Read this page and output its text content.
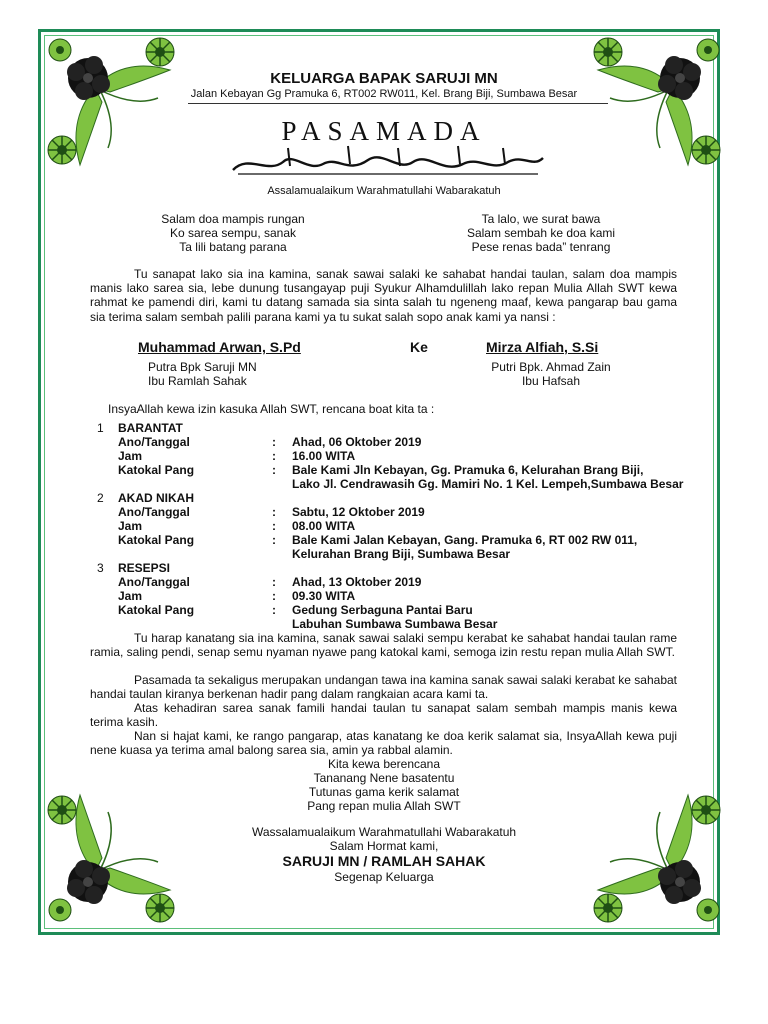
KELUARGA BAPAK SARUJI MN
Jalan Kebayan Gg Pramuka 6, RT002 RW011, Kel. Brang Biji, Sumbawa Besar
PASAMADA
Assalamualaikum Warahmatullahi Wabarakatuh
Salam doa mampis rungan
Ko sarea sempu, sanak
Ta lili batang parana
Ta lalo, we surat bawa
Salam sembah ke doa kami
Pese renas bada” tenrang
Tu sanapat lako sia ina kamina, sanak sawai salaki ke sahabat handai taulan, salam doa mampis manis lako sarea sia, lebe dunung tusangayap puji Syukur Alhamdulillah lako repan Mulia Allah SWT kewa rahmat ke pamendi diri, kami tu datang samada sia sinta salah tu ngeneng maaf, kewa pangarap bau gama sia terima salam sembah palili parana kami ya tu sukat salah sopo anak kami ya nansi :
Muhammad Arwan, S.Pd	Ke	Mirza Alfiah, S.Si
Putra Bpk Saruji MN
Ibu Ramlah Sahak
Putri Bpk. Ahmad Zain
Ibu Hafsah
InsyaAllah kewa izin kasuka Allah SWT, rencana boat kita ta :
1 BARANTAT
Ano/Tanggal	: Ahad, 06 Oktober 2019
Jam	: 16.00 WITA
Katokal Pang	: Bale Kami Jln Kebayan, Gg. Pramuka 6, Kelurahan Brang Biji,
Lako Jl. Cendrawasih Gg. Mamiri No. 1 Kel. Lempeh,Sumbawa Besar
2 AKAD NIKAH
Ano/Tanggal	: Sabtu, 12 Oktober 2019
Jam	: 08.00 WITA
Katokal Pang	: Bale Kami Jalan Kebayan, Gang. Pramuka 6, RT 002 RW 011,
Kelurahan Brang Biji, Sumbawa Besar
3 RESEPSI
Ano/Tanggal	: Ahad, 13 Oktober 2019
Jam	: 09.30 WITA
Katokal Pang	: Gedung Serbaguna Pantai Baru
Labuhan Sumbawa Sumbawa Besar
Tu harap kanatang sia ina kamina, sanak sawai salaki sempu kerabat ke sahabat handai taulan rame ramia, saling pendi, senap semu nyaman nyawe pang katokal kami, semoga izin restu repan mulia Allah SWT.
Pasamada ta sekaligus merupakan undangan tawa ina kamina sanak sawai salaki kerabat ke sahabat handai taulan kiranya berkenan hadir pang dalam rangkaian acara kami ta.
Atas kehadiran sarea sanak famili handai taulan tu sanapat salam sembah mampis manis kewa terima kasih.
Nan si hajat kami, ke rango pangarap, atas kanatang ke doa kerik salamat sia, InsyaAllah kewa puji nene kuasa ya terima amal balong sarea sia, amin ya rabbal alamin.
Kita kewa berencana
Tananang Nene basatentu
Tutunas gama kerik salamat
Pang repan mulia Allah SWT
Wassalamualaikum Warahmatullahi Wabarakatuh
Salam Hormat kami,
SARUJI MN / RAMLAH SAHAK
Segenap Keluarga
